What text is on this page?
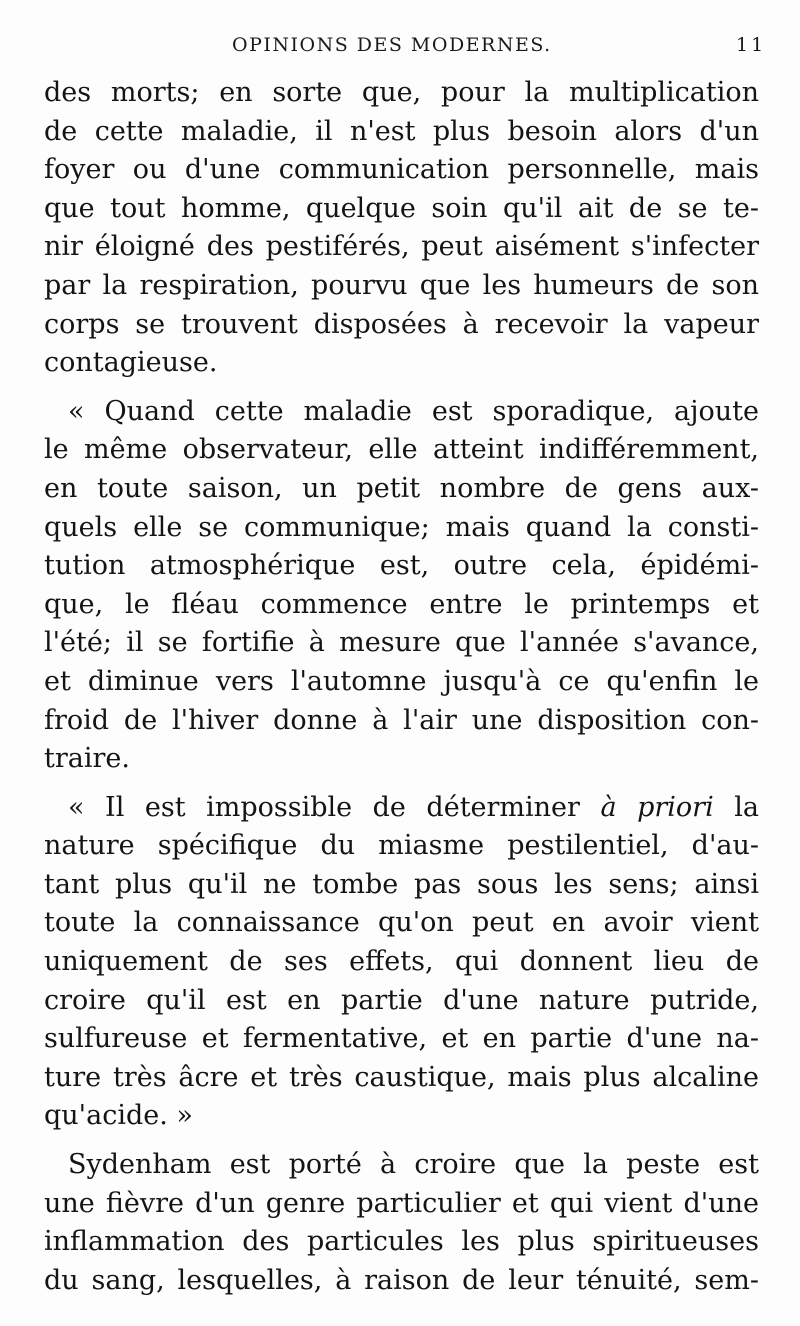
OPINIONS DES MODERNES.	11
des morts; en sorte que, pour la multiplication
de cette maladie, il n'est plus besoin alors d'un
foyer ou d'une communication personnelle, mais
que tout homme, quelque soin qu'il ait de se te-
nir éloigné des pestiférés, peut aisément s'infecter
par la respiration, pourvu que les humeurs de son
corps se trouvent disposées à recevoir la vapeur
contagieuse.
« Quand cette maladie est sporadique, ajoute
le même observateur, elle atteint indifféremment,
en toute saison, un petit nombre de gens aux-
quels elle se communique; mais quand la consti-
tution atmosphérique est, outre cela, épidémi-
que, le fléau commence entre le printemps et
l'été; il se fortifie à mesure que l'année s'avance,
et diminue vers l'automne jusqu'à ce qu'enfin le
froid de l'hiver donne à l'air une disposition con-
traire.
« Il est impossible de déterminer à priori la
nature spécifique du miasme pestilentiel, d'au-
tant plus qu'il ne tombe pas sous les sens; ainsi
toute la connaissance qu'on peut en avoir vient
uniquement de ses effets, qui donnent lieu de
croire qu'il est en partie d'une nature putride,
sulfureuse et fermentative, et en partie d'une na-
ture très âcre et très caustique, mais plus alcaline
qu'acide. »
Sydenham est porté à croire que la peste est
une fièvre d'un genre particulier et qui vient d'une
inflammation des particules les plus spiritueuses
du sang, lesquelles, à raison de leur ténuité, sem-
